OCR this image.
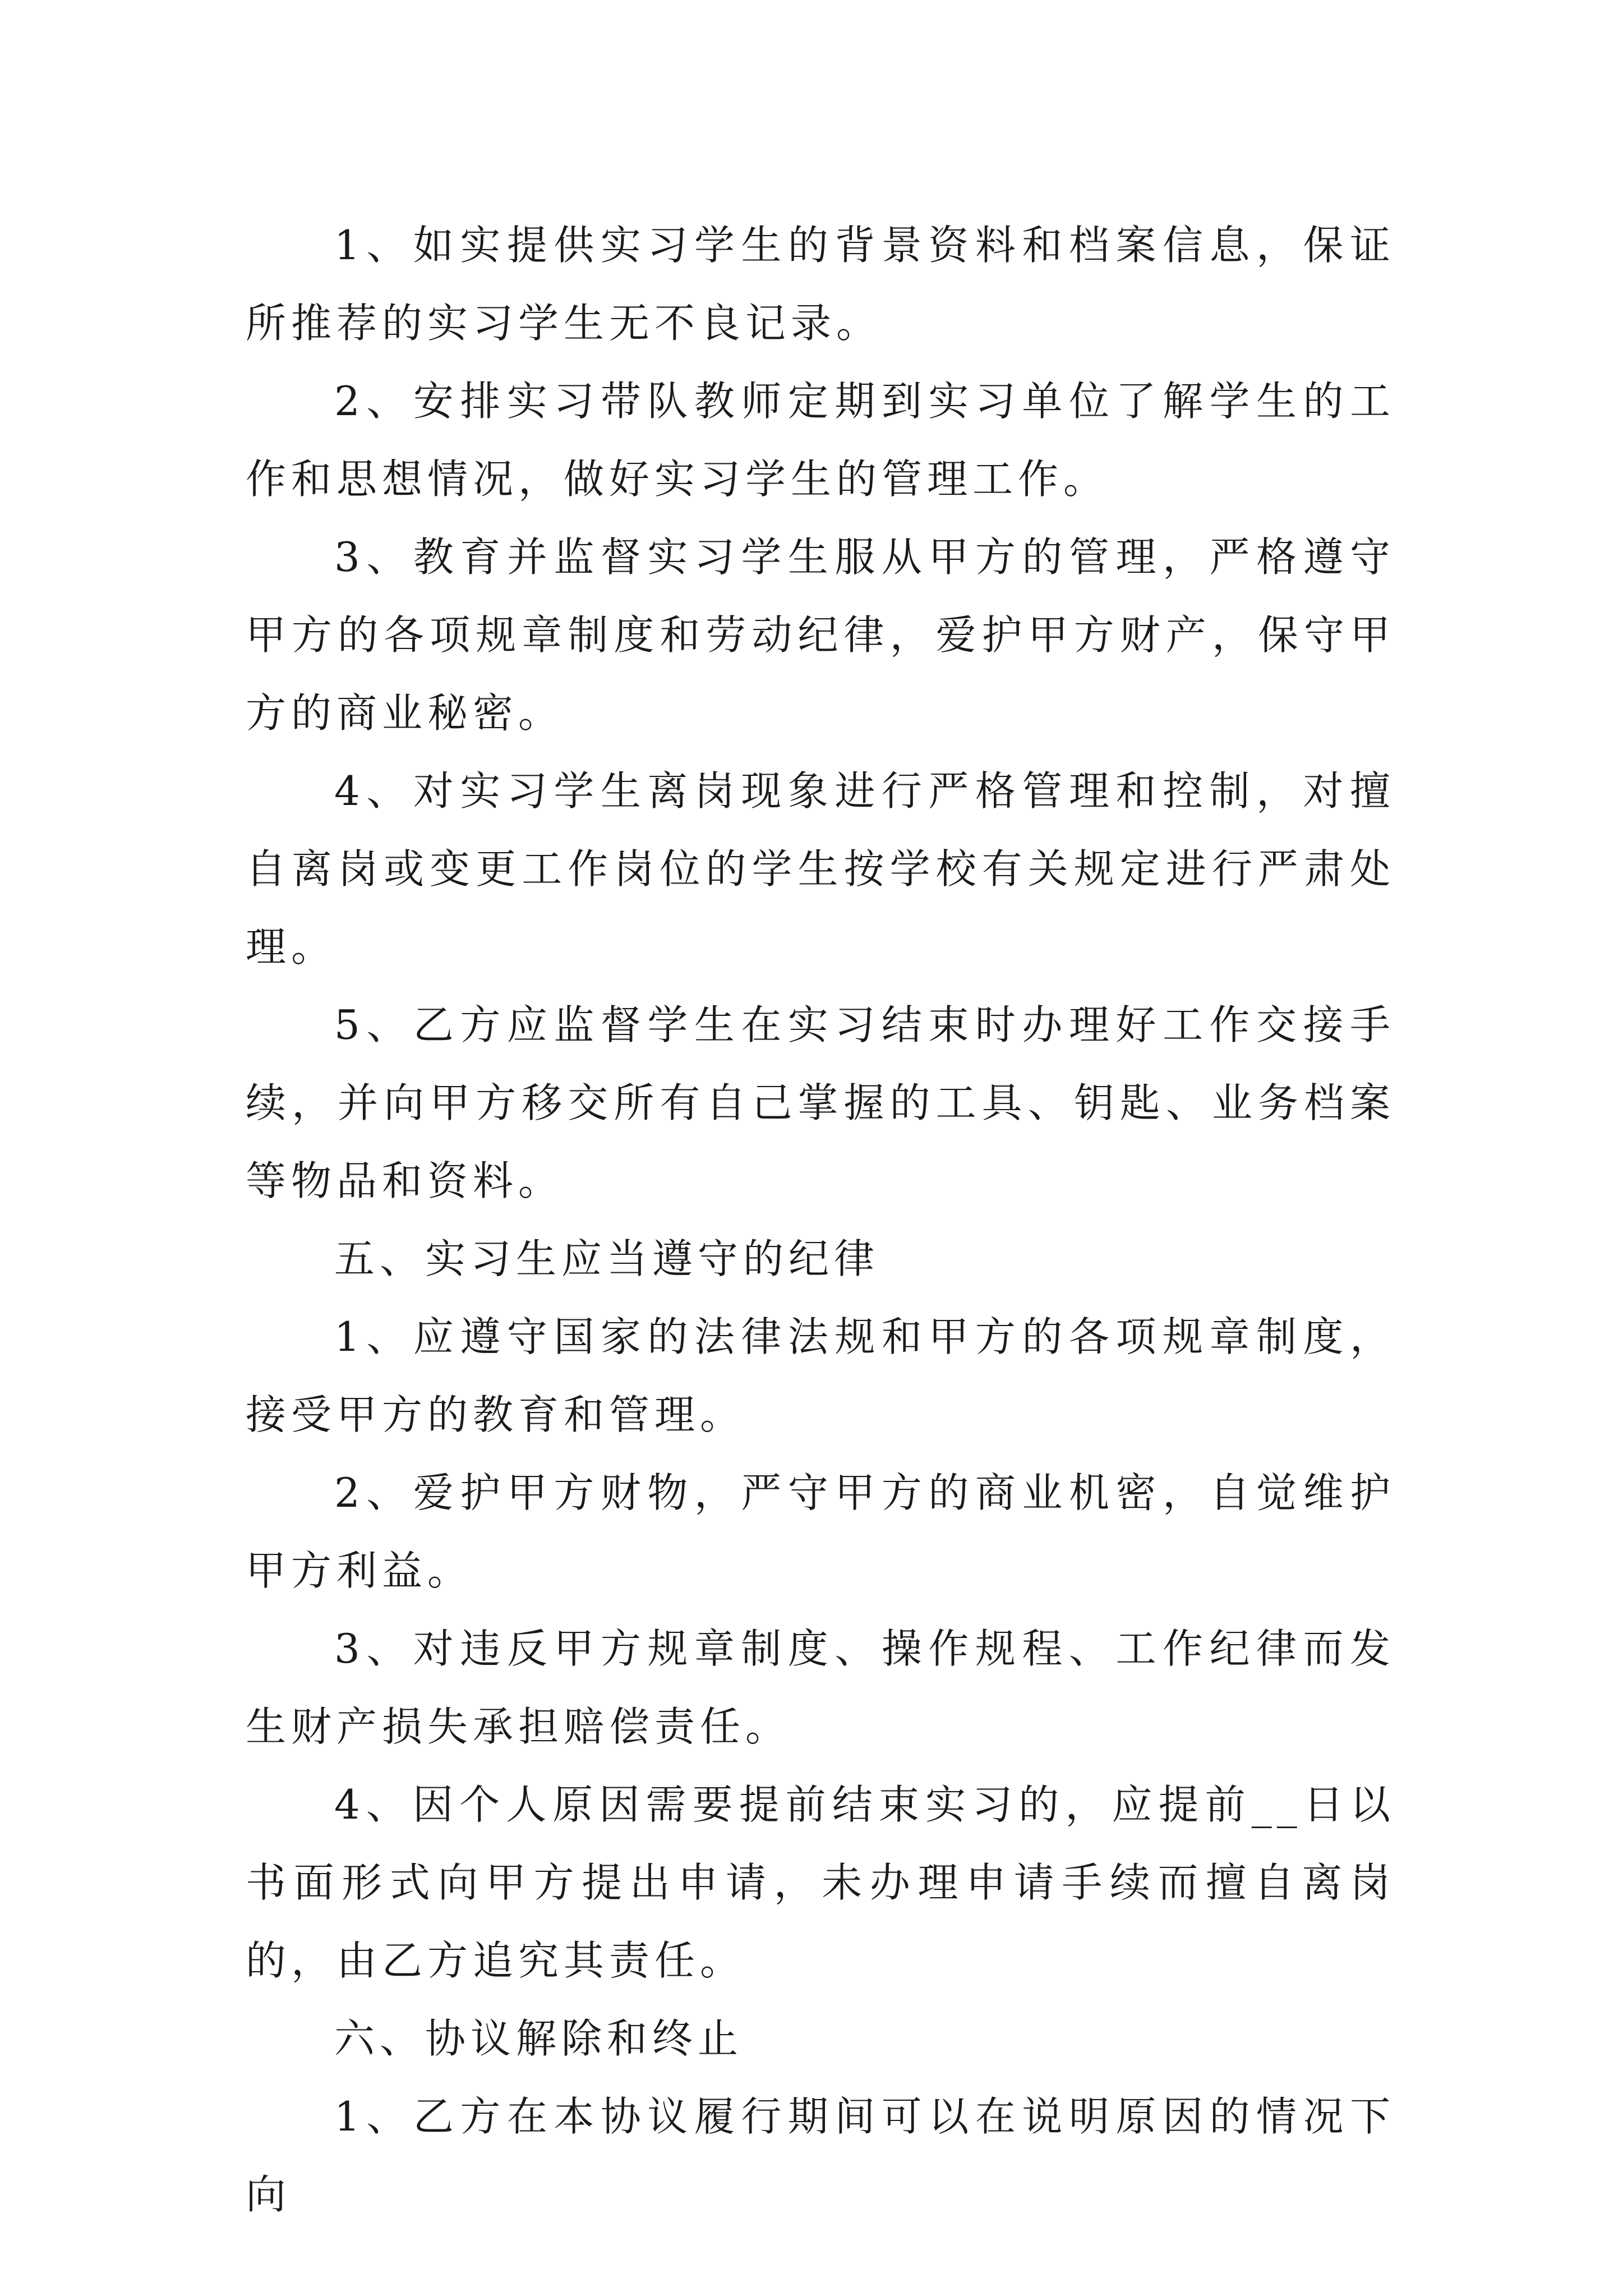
1、如实提供实习学生的背景资料和档案信息，保证所推荐的实习学生无不良记录。

2、安排实习带队教师定期到实习单位了解学生的工作和思想情况，做好实习学生的管理工作。

3、教育并监督实习学生服从甲方的管理，严格遵守甲方的各项规章制度和劳动纪律，爱护甲方财产，保守甲方的商业秘密。

4、对实习学生离岗现象进行严格管理和控制，对擅自离岗或变更工作岗位的学生按学校有关规定进行严肃处理。

5、乙方应监督学生在实习结束时办理好工作交接手续，并向甲方移交所有自己掌握的工具、钥匙、业务档案等物品和资料。

五、实习生应当遵守的纪律

1、应遵守国家的法律法规和甲方的各项规章制度，接受甲方的教育和管理。

2、爱护甲方财物，严守甲方的商业机密，自觉维护甲方利益。

3、对违反甲方规章制度、操作规程、工作纪律而发生财产损失承担赔偿责任。

4、因个人原因需要提前结束实习的，应提前__日以书面形式向甲方提出申请，未办理申请手续而擅自离岗的，由乙方追究其责任。

六、协议解除和终止

1、乙方在本协议履行期间可以在说明原因的情况下向
